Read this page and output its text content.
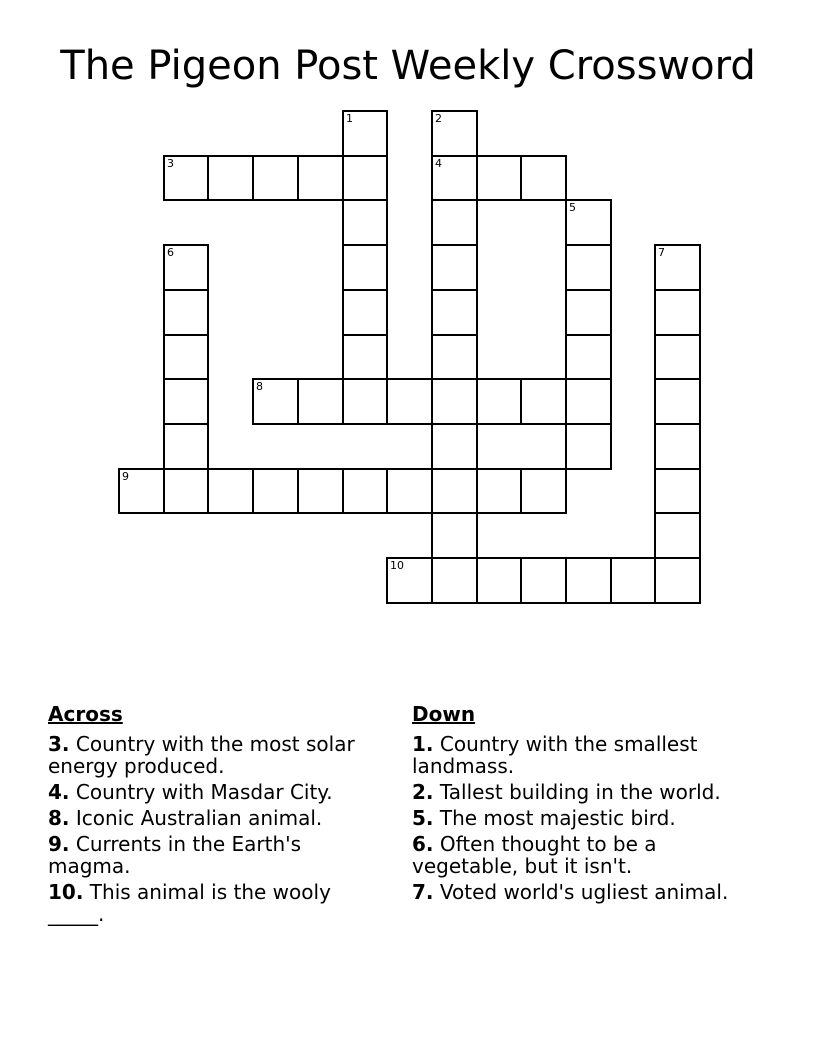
The Pigeon Post Weekly Crossword
1	2
4
3
5
6	7
8
9
10
Across
3. Country with the most solar energy produced.
4. Country with Masdar City.
8. Iconic Australian animal.
9. Currents in the Earth's magma.
10. This animal is the wooly _____.
Down
1. Country with the smallest landmass.
2. Tallest building in the world.
5. The most majestic bird.
6. Often thought to be a vegetable, but it isn't.
7. Voted world's ugliest animal.
